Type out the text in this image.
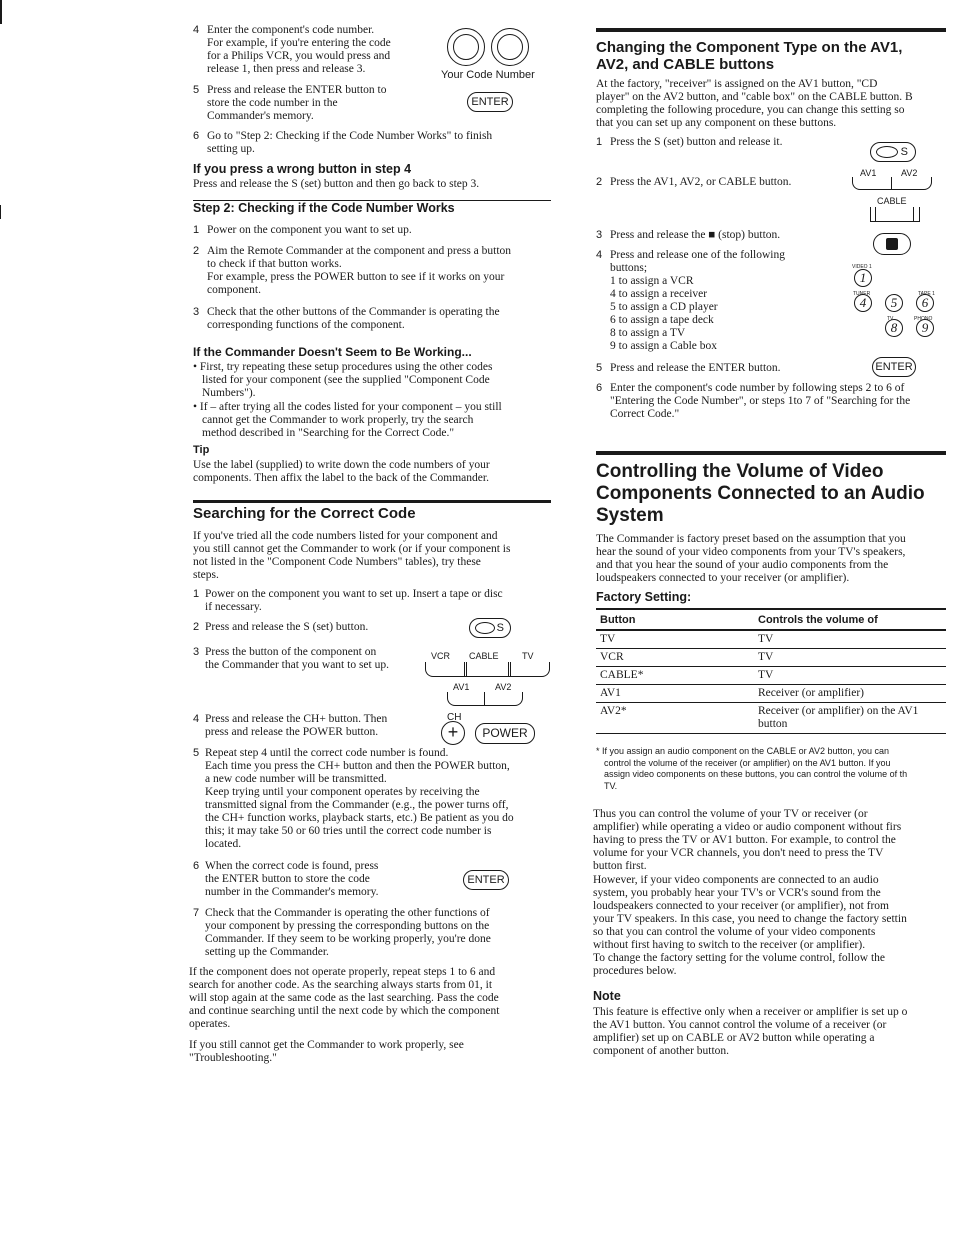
4 Enter the component's code number.
For example, if you're entering the code
for a Philips VCR, you would press and
release 1, then press and release 3.	Your Code Number
5 Press and release the ENTER button to
store the code number in the
Commander's memory.
ENTER
6 Go to "Step 2: Checking if the Code Number Works" to finish
setting up.
If you press a wrong button in step 4
Press and release the S (set) button and then go back to step 3.
Step 2: Checking if the Code Number Works
1 Power on the component you want to set up.
2 Aim the Remote Commander at the component and press a button
to check if that button works.
For example, press the POWER button to see if it works on your
component.
3 Check that the other buttons of the Commander is operating the
corresponding functions of the component.
If the Commander Doesn't Seem to Be Working...
• First, try repeating these setup procedures using the other codes
listed for your component (see the supplied "Component Code
Numbers").
• If – after trying all the codes listed for your component – you still
cannot get the Commander to work properly, try the search
method described in "Searching for the Correct Code."
Tip
Use the label (supplied) to write down the code numbers of your
components. Then affix the label to the back of the Commander.
Searching for the Correct Code
If you've tried all the code numbers listed for your component and
you still cannot get the Commander to work (or if your component is
not listed in the "Component Code Numbers" tables), try these
steps.
1 Power on the component you want to set up. Insert a tape or disc
if necessary.
2 Press and release the S (set) button.	S
3 Press the button of the component on
the Commander that you want to set up.
VCR CABLE	TV
AV1	AV2
4 Press and release the CH+ button. Then
press and release the POWER button.
CH
+	POWER
5 Repeat step 4 until the correct code number is found.
Each time you press the CH+ button and then the POWER button,
a new code number will be transmitted.
Keep trying until your component operates by receiving the
transmitted signal from the Commander (e.g., the power turns off,
the CH+ function works, playback starts, etc.) Be patient as you do
this; it may take 50 or 60 tries until the correct code number is
located.
6 When the correct code is found, press
the ENTER button to store the code
number in the Commander's memory.
ENTER
7 Check that the Commander is operating the other functions of
your component by pressing the corresponding buttons on the
Commander. If they seem to be working properly, you're done
setting up the Commander.
If the component does not operate properly, repeat steps 1 to 6 and
search for another code. As the searching always starts from 01, it
will stop again at the same code as the last searching. Pass the code
and continue searching until the next code by which the component
operates.
If you still cannot get the Commander to work properly, see
"Troubleshooting."
Changing the Component Type on the AV1,
AV2, and CABLE buttons
At the factory, "receiver" is assigned on the AV1 button, "CD
player" on the AV2 button, and "cable box" on the CABLE button. B
completing the following procedure, you can change this setting so
that you can set up any component on these buttons.
1 Press the S (set) button and release it.
S
2 Press the AV1, AV2, or CABLE button.
AV1	AV2
CABLE
3 Press and release the ■ (stop) button.
4 Press and release one of the following
buttons;
1 to assign a VCR
4 to assign a receiver
5 to assign a CD player
6 to assign a tape deck
8 to assign a TV
9 to assign a Cable box
VIDEO 1
1
TUNER	TAPE 1
4	5	6
TV	PHONO
8	9
5 Press and release the ENTER button.	ENTER
6 Enter the component's code number by following steps 2 to 6 of
"Entering the Code Number", or steps 1to 7 of "Searching for the
Correct Code."
Controlling the Volume of Video
Components Connected to an Audio
System
The Commander is factory preset based on the assumption that you
hear the sound of your video components from your TV's speakers,
and that you hear the sound of your audio components from the
loudspeakers connected to your receiver (or amplifier).
Factory Setting:
Button	Controls the volume of
TV	TV
VCR	TV
CABLE*	TV
AV1	Receiver (or amplifier)
AV2*	Receiver (or amplifier) on the AV1 button
* If you assign an audio component on the CABLE or AV2 button, you can
control the volume of the receiver (or amplifier) on the AV1 button. If you
assign video components on these buttons, you can control the volume of th
TV.
Thus you can control the volume of your TV or receiver (or
amplifier) while operating a video or audio component without firs
having to press the TV or AV1 button. For example, to control the
volume for your VCR channels, you don't need to press the TV
button first.
However, if your video components are connected to an audio
system, you probably hear your TV's or VCR's sound from the
loudspeakers connected to your receiver (or amplifier), not from
your TV speakers. In this case, you need to change the factory settin
so that you can control the volume of your video components
without first having to switch to the receiver (or amplifier).
To change the factory setting for the volume control, follow the
procedures below.
Note
This feature is effective only when a receiver or amplifier is set up o
the AV1 button. You cannot control the volume of a receiver (or
amplifier) set up on CABLE or AV2 button while operating a
component of another button.
